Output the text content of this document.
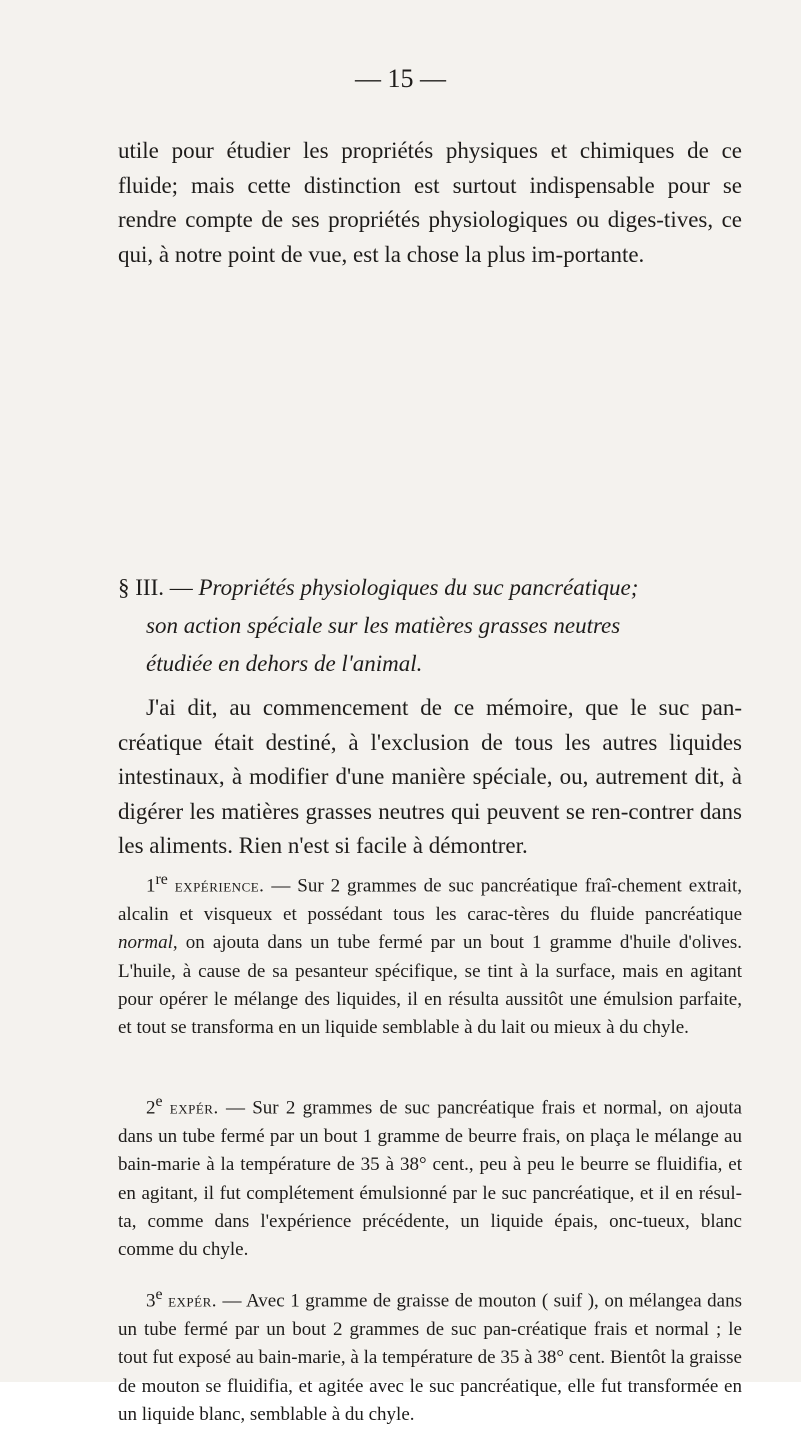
— 15 —

utile pour étudier les propriétés physiques et chimiques de ce fluide; mais cette distinction est surtout indispensable pour se rendre compte de ses propriétés physiologiques ou diges-tives, ce qui, à notre point de vue, est la chose la plus im-portante.

§ III. — Propriétés physiologiques du suc pancréatique;
son action spéciale sur les matières grasses neutres
étudiée en dehors de l'animal.

J'ai dit, au commencement de ce mémoire, que le suc pan-créatique était destiné, à l'exclusion de tous les autres liquides intestinaux, à modifier d'une manière spéciale, ou, autrement dit, à digérer les matières grasses neutres qui peuvent se ren-contrer dans les aliments. Rien n'est si facile à démontrer.

1re expérience. — Sur 2 grammes de suc pancréatique fraî-chement extrait, alcalin et visqueux et possédant tous les carac-tères du fluide pancréatique normal, on ajouta dans un tube fermé par un bout 1 gramme d'huile d'olives. L'huile, à cause de sa pesanteur spécifique, se tint à la surface, mais en agitant pour opérer le mélange des liquides, il en résulta aussitôt une émulsion parfaite, et tout se transforma en un liquide semblable à du lait ou mieux à du chyle.

2e expér. — Sur 2 grammes de suc pancréatique frais et normal, on ajouta dans un tube fermé par un bout 1 gramme de beurre frais, on plaça le mélange au bain-marie à la température de 35 à 38° cent., peu à peu le beurre se fluidifia, et en agitant, il fut complétement émulsionné par le suc pancréatique, et il en résul-ta, comme dans l'expérience précédente, un liquide épais, onc-tueux, blanc comme du chyle.

3e expér. — Avec 1 gramme de graisse de mouton ( suif ), on mélangea dans un tube fermé par un bout 2 grammes de suc pan-créatique frais et normal ; le tout fut exposé au bain-marie, à la température de 35 à 38° cent. Bientôt la graisse de mouton se fluidifia, et agitée avec le suc pancréatique, elle fut transformée en un liquide blanc, semblable à du chyle.
